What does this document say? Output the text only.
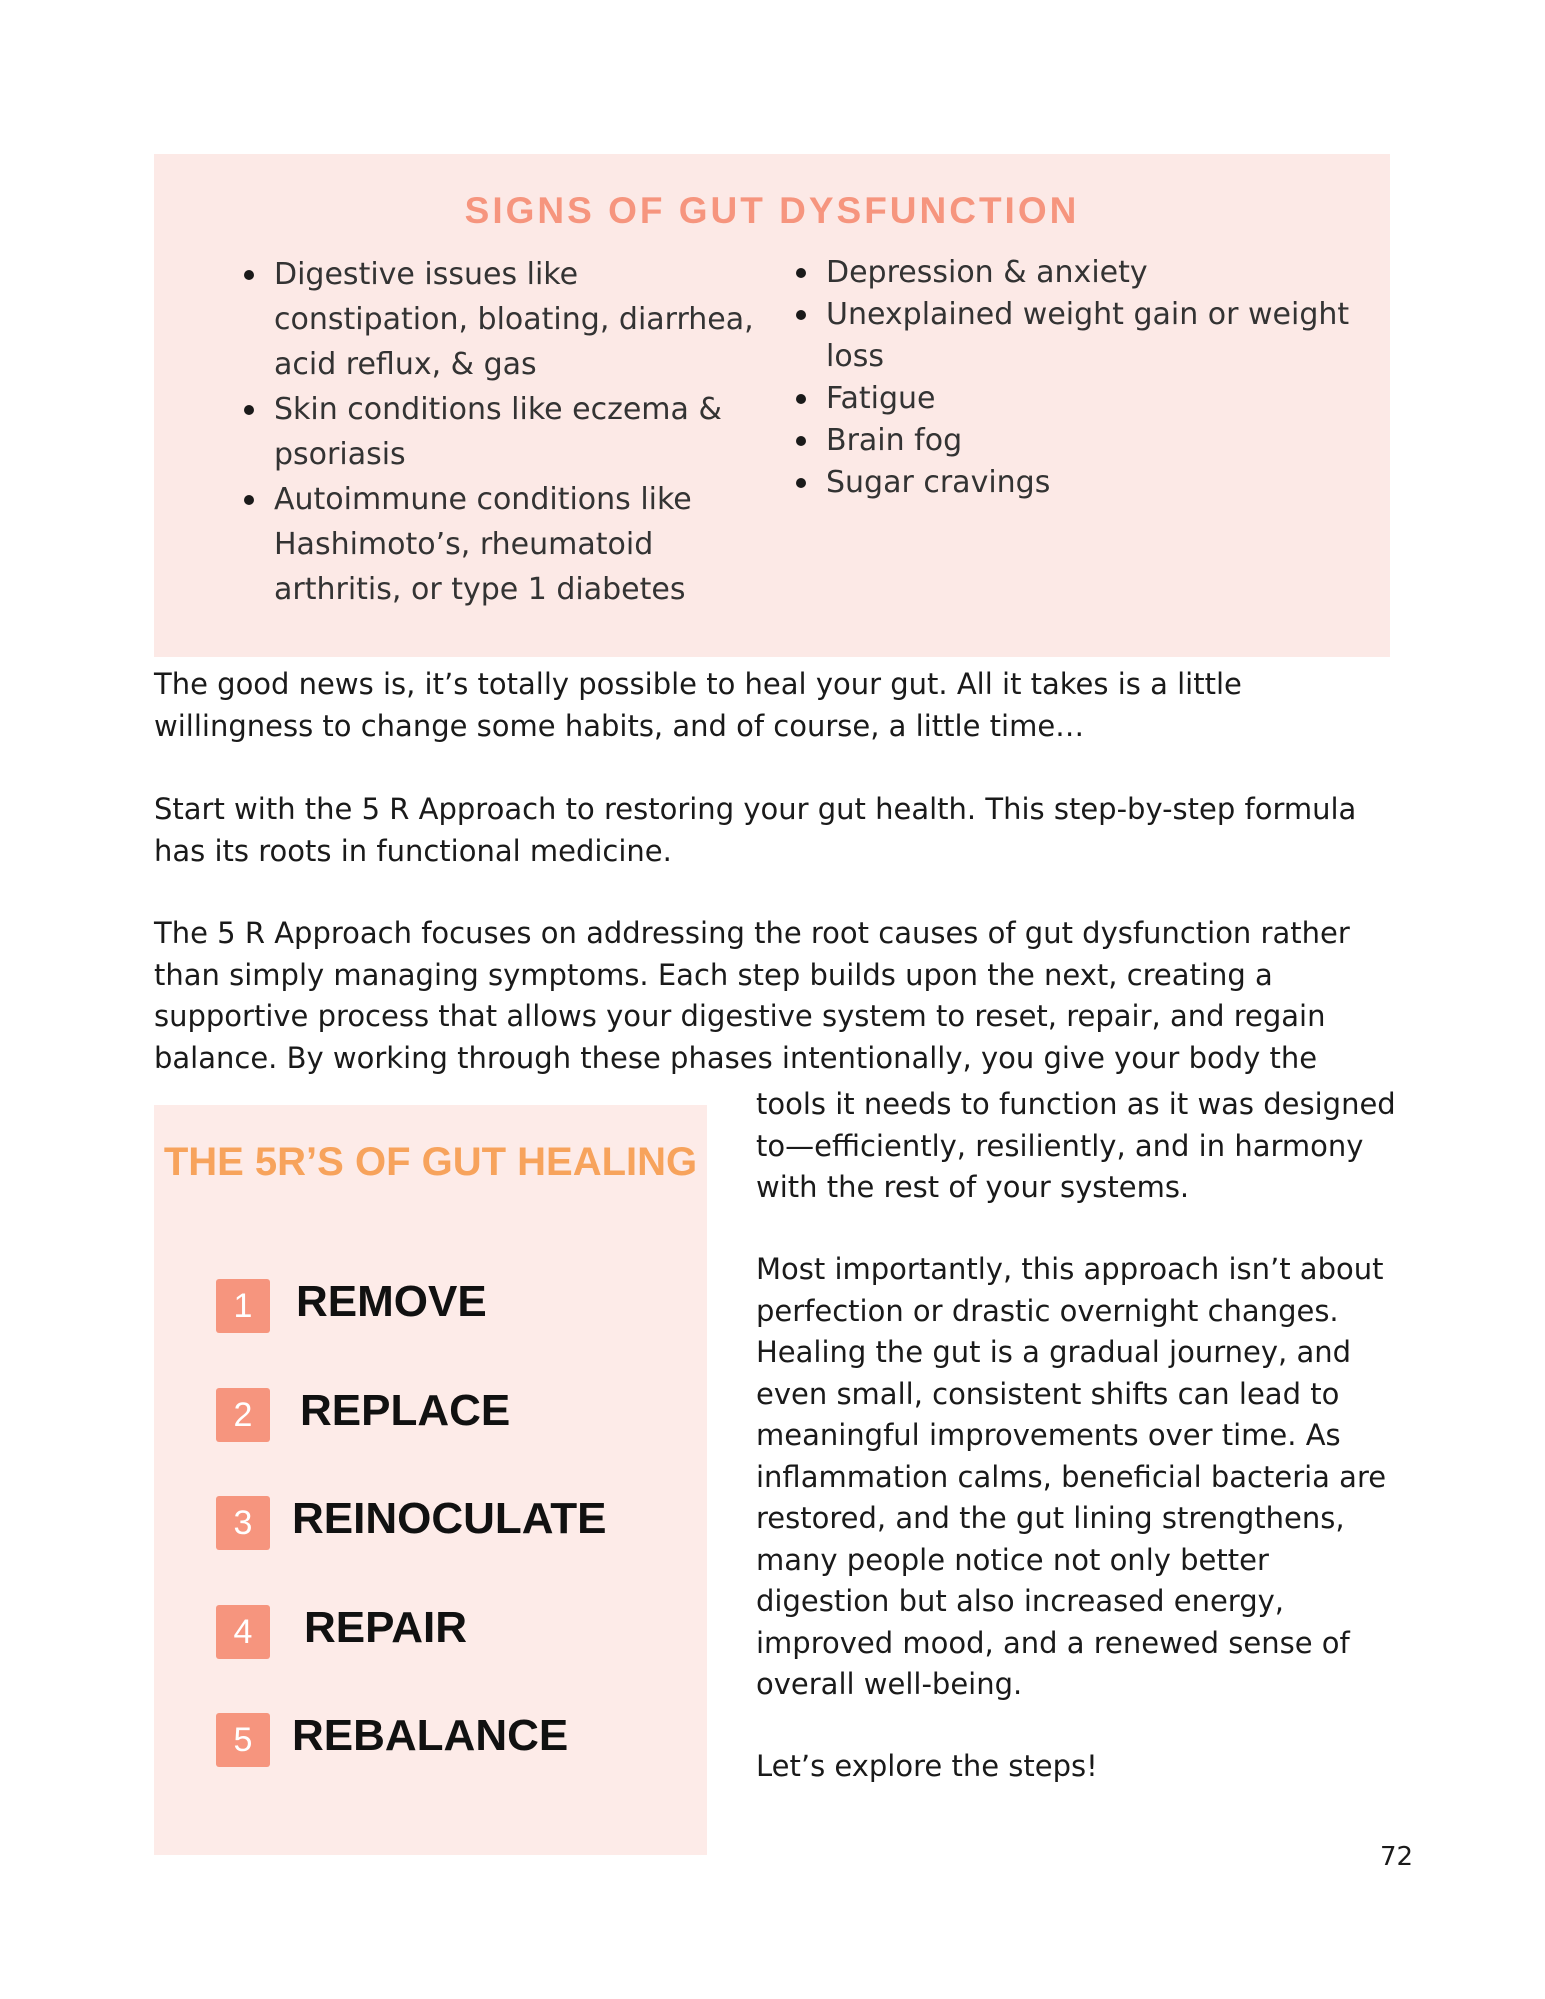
SIGNS OF GUT DYSFUNCTION
Digestive issues like constipation, bloating, diarrhea, acid reflux, & gas
Skin conditions like eczema & psoriasis
Autoimmune conditions like Hashimoto’s, rheumatoid arthritis, or type 1 diabetes
Depression & anxiety
Unexplained weight gain or weight loss
Fatigue
Brain fog
Sugar cravings

The good news is, it’s totally possible to heal your gut. All it takes is a little willingness to change some habits, and of course, a little time…

Start with the 5 R Approach to restoring your gut health. This step-by-step formula has its roots in functional medicine.

The 5 R Approach focuses on addressing the root causes of gut dysfunction rather than simply managing symptoms. Each step builds upon the next, creating a supportive process that allows your digestive system to reset, repair, and regain balance. By working through these phases intentionally, you give your body the

THE 5R’S OF GUT HEALING
1 REMOVE
2	REPLACE
3 REINOCULATE
4	REPAIR
5 REBALANCE

tools it needs to function as it was designed to—efficiently, resiliently, and in harmony with the rest of your systems.

Most importantly, this approach isn’t about perfection or drastic overnight changes. Healing the gut is a gradual journey, and even small, consistent shifts can lead to meaningful improvements over time. As inflammation calms, beneficial bacteria are restored, and the gut lining strengthens, many people notice not only better digestion but also increased energy, improved mood, and a renewed sense of overall well-being.

Let’s explore the steps!

72
